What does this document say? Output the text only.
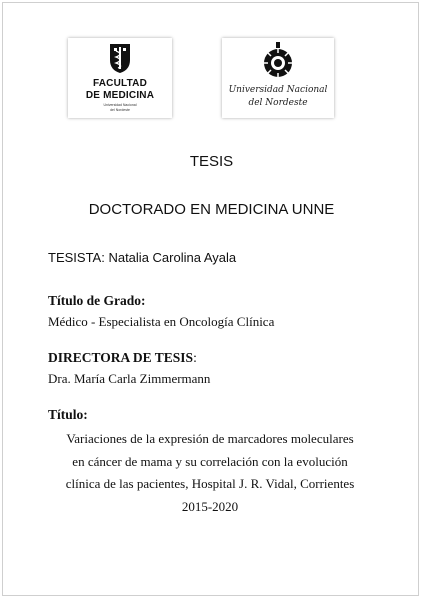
FACULTAD
DE MEDICINA
Universidad Nacional
del Nordeste
Universidad Nacional
del Nordeste
TESIS
DOCTORADO EN MEDICINA UNNE
TESISTA: Natalia Carolina Ayala
Título de Grado:
Médico - Especialista en Oncología Clínica
DIRECTORA DE TESIS:
Dra. María Carla Zimmermann
Título:
Variaciones de la expresión de marcadores moleculares en cáncer de mama y su correlación con la evolución clínica de las pacientes, Hospital J. R. Vidal, Corrientes 2015-2020
